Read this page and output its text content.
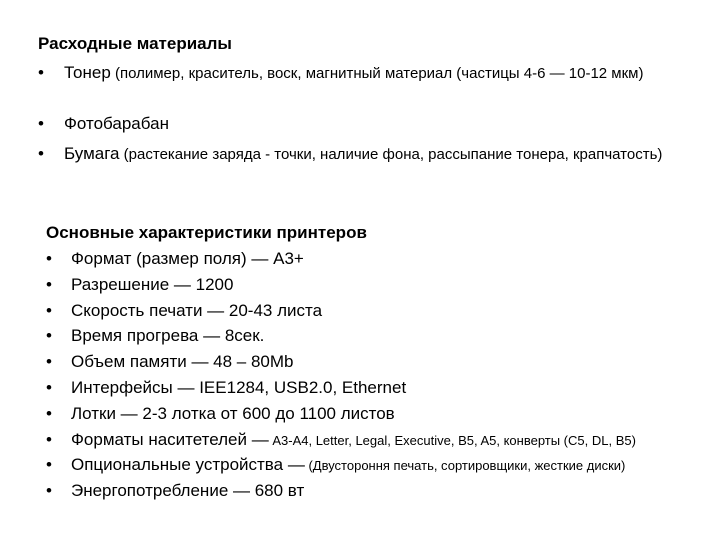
Расходные материалы
• Тонер (полимер, краситель, воск, магнитный материал (частицы 4-6 — 10-12 мкм)
• Фотобарабан
• Бумага (растекание заряда - точки, наличие фона, рассыпание тонера, крапчатость)
Основные характеристики принтеров
• Формат (размер поля) — A3+
• Разрешение — 1200
• Скорость печати — 20-43 листа
• Время прогрева — 8сек.
• Объем памяти — 48 – 80Mb
• Интерфейсы — IEE1284, USB2.0, Ethernet
• Лотки — 2-3 лотка от 600 до 1100 листов
• Форматы наситетелей — А3-А4, Letter, Legal, Executive, B5, A5, конверты (C5, DL, B5)
• Опциональные устройства — (Двустороння печать, сортировщики, жесткие диски)
• Энергопотребление — 680 вт
